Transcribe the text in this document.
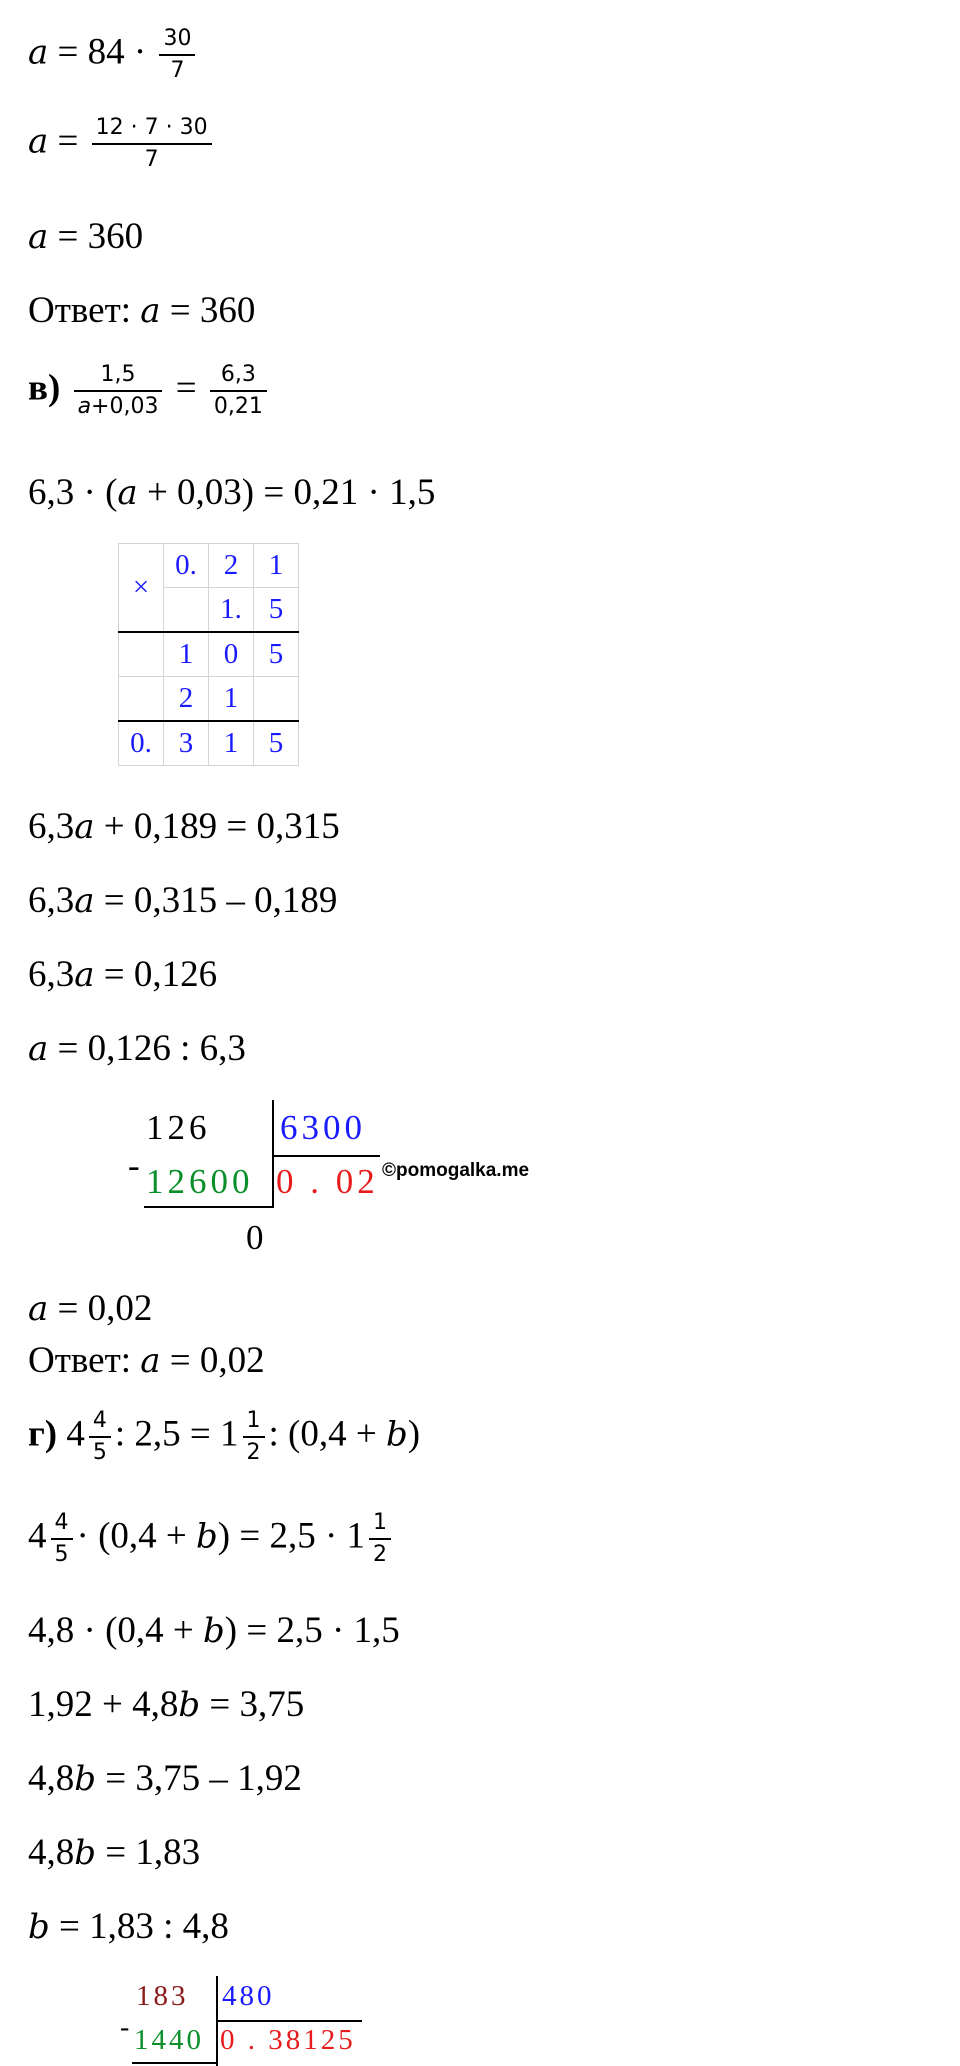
$a = 84 \cdot \frac{30}{7}$
$a = \frac{12 \cdot 7 \cdot 30}{7}$
a = 360
Ответ: a = 360
$в) \frac{1,5}{a+0,03} = \frac{6,3}{0,21}$
6,3 · (a + 0,03) = 0,21 · 1,5
×	0.	2	1
		1.	5
	1	0	5
	2	1	
0.	3	1	5
6,3a + 0,189 = 0,315
6,3a = 0,315 – 0,189
6,3a = 0,126
a = 0,126 : 6,3
-
126 6300
12600 0 . 02
0
©pomogalka.me
a = 0,02
Ответ: a = 0,02
г) $4 \frac{4}{5}$ : $2,5 = 1 \frac{1}{2}$ : (0,4 + b)
$4 \frac{4}{5} \cdot (0,4 + b) = 2,5 \cdot 1 \frac{1}{2}$
4,8 · (0,4 + b) = 2,5 · 1,5
1,92 + 4,8b = 3,75
4,8b = 3,75 – 1,92
4,8b = 1,83
b = 1,83 : 4,8
-
183 480
1440 0 . 38125
